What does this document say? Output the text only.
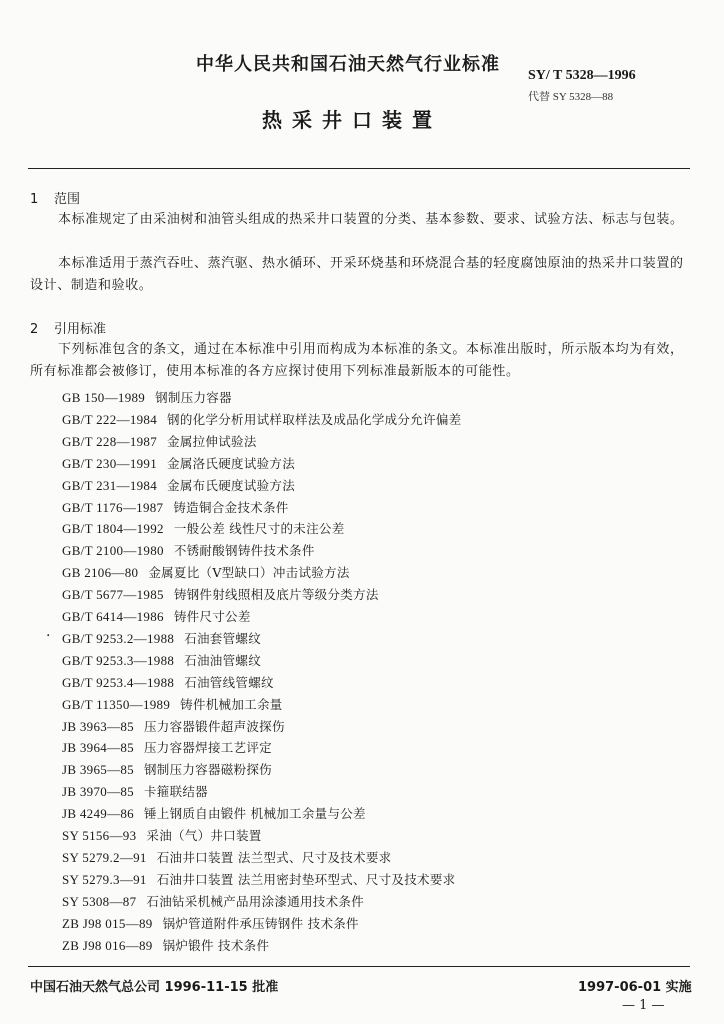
中华人民共和国石油天然气行业标准
SY/ T 5328—1996
代替 SY 5328—88
热采井口装置
1 范围
本标准规定了由采油树和油管头组成的热采井口装置的分类、基本参数、要求、试验方法、标志与包装。
本标准适用于蒸汽吞吐、蒸汽驱、热水循环、开采环烧基和环烧混合基的轻度腐蚀原油的热采井口装置的设计、制造和验收。
2 引用标准
下列标准包含的条文，通过在本标准中引用而构成为本标准的条文。本标准出版时，所示版本均为有效，所有标准都会被修订，使用本标准的各方应探讨使用下列标准最新版本的可能性。
·
GB 150—1989 钢制压力容器
GB/T 222—1984 钢的化学分析用试样取样法及成品化学成分允许偏差
GB/T 228—1987 金属拉伸试验法
GB/T 230—1991 金属洛氏硬度试验方法
GB/T 231—1984 金属布氏硬度试验方法
GB/T 1176—1987 铸造铜合金技术条件
GB/T 1804—1992 一般公差 线性尺寸的未注公差
GB/T 2100—1980 不锈耐酸钢铸件技术条件
GB 2106—80 金属夏比（V型缺口）冲击试验方法
GB/T 5677—1985 铸钢件射线照相及底片等级分类方法
GB/T 6414—1986 铸件尺寸公差
GB/T 9253.2—1988 石油套管螺纹
GB/T 9253.3—1988 石油油管螺纹
GB/T 9253.4—1988 石油管线管螺纹
GB/T 11350—1989 铸件机械加工余量
JB 3963—85 压力容器锻件超声波探伤
JB 3964—85 压力容器焊接工艺评定
JB 3965—85 钢制压力容器磁粉探伤
JB 3970—85 卡箍联结器
JB 4249—86 锤上钢质自由锻件 机械加工余量与公差
SY 5156—93 采油（气）井口装置
SY 5279.2—91 石油井口装置 法兰型式、尺寸及技术要求
SY 5279.3—91 石油井口装置 法兰用密封垫环型式、尺寸及技术要求
SY 5308—87 石油钻采机械产品用涂漆通用技术条件
ZB J98 015—89 锅炉管道附件承压铸钢件 技术条件
ZB J98 016—89 锅炉锻件 技术条件
中国石油天然气总公司 1996-11-15 批准	1997-06-01 实施
— 1 —
